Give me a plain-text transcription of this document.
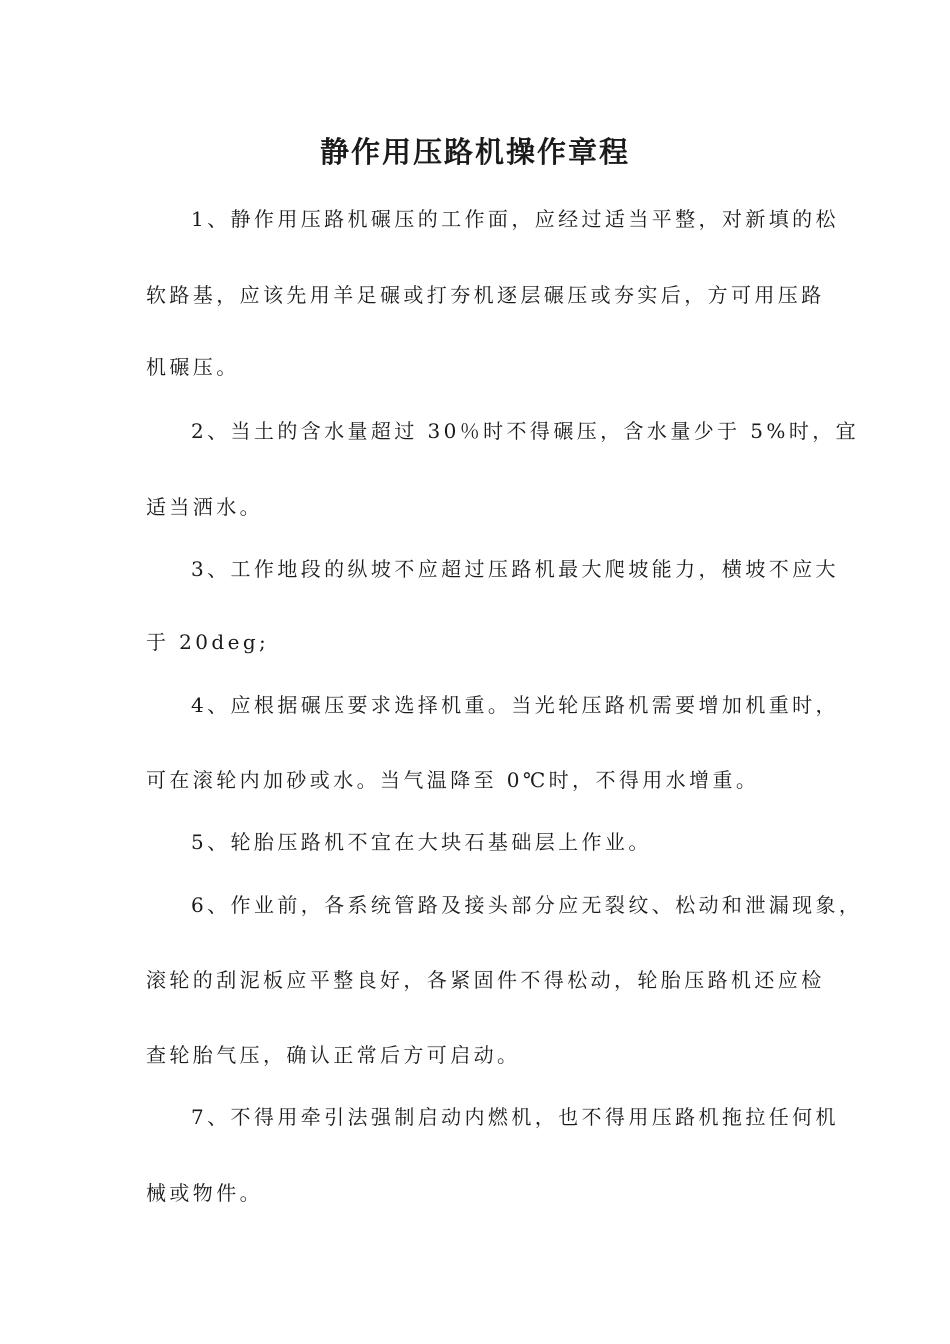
静作用压路机操作章程
1、静作用压路机碾压的工作面，应经过适当平整，对新填的松
软路基，应该先用羊足碾或打夯机逐层碾压或夯实后，方可用压路
机碾压。
2、当土的含水量超过 30％时不得碾压，含水量少于 5%时，宜
适当洒水。
3、工作地段的纵坡不应超过压路机最大爬坡能力，横坡不应大
于 20deg;
4、应根据碾压要求选择机重。当光轮压路机需要增加机重时，
可在滚轮内加砂或水。当气温降至 0℃时，不得用水增重。
5、轮胎压路机不宜在大块石基础层上作业。
6、作业前，各系统管路及接头部分应无裂纹、松动和泄漏现象，
滚轮的刮泥板应平整良好，各紧固件不得松动，轮胎压路机还应检
查轮胎气压，确认正常后方可启动。
7、不得用牵引法强制启动内燃机，也不得用压路机拖拉任何机
械或物件。
